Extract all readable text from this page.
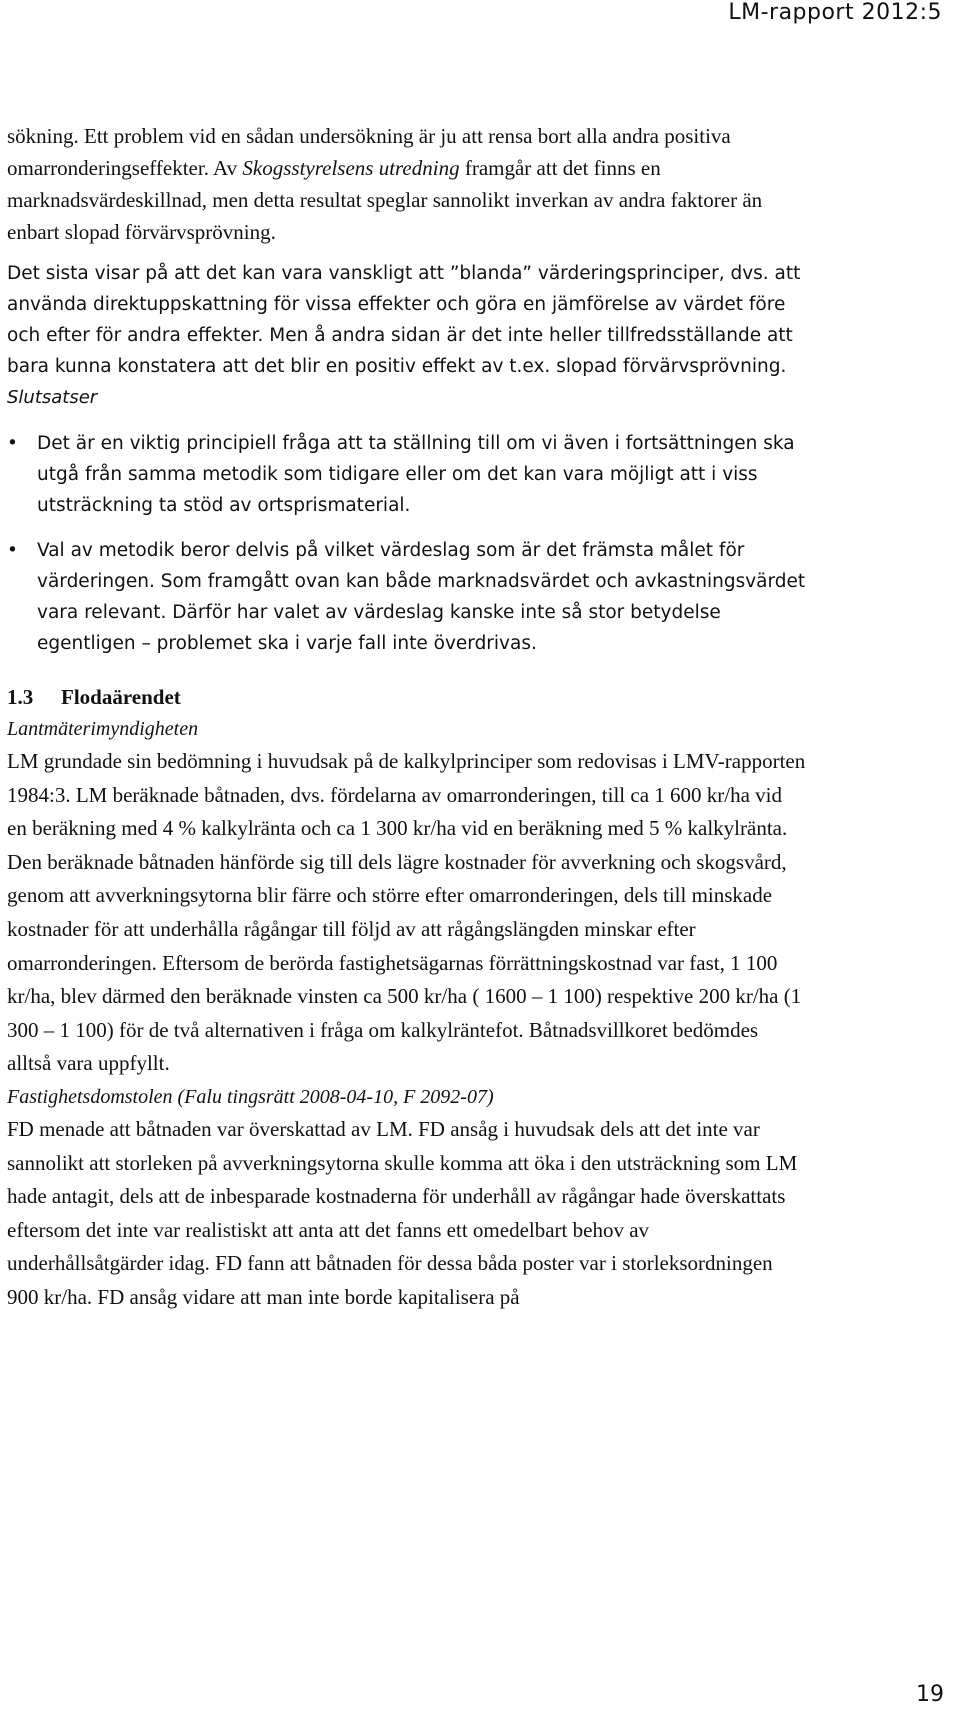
LM-rapport 2012:5

sökning. Ett problem vid en sådan undersökning är ju att rensa bort alla andra positiva omarronderingseffekter. Av Skogsstyrelsens utredning framgår att det finns en marknadsvärdeskillnad, men detta resultat speglar sannolikt inverkan av andra faktorer än enbart slopad förvärvsprövning.

Det sista visar på att det kan vara vanskligt att ”blanda” värderingsprinciper, dvs. att använda direktuppskattning för vissa effekter och göra en jämförelse av värdet före och efter för andra effekter. Men å andra sidan är det inte heller tillfredsställande att bara kunna konstatera att det blir en positiv effekt av t.ex. slopad förvärvsprövning.

Slutsatser

• Det är en viktig principiell fråga att ta ställning till om vi även i fortsättningen ska utgå från samma metodik som tidigare eller om det kan vara möjligt att i viss utsträckning ta stöd av ortsprismaterial.
• Val av metodik beror delvis på vilket värdeslag som är det främsta målet för värderingen. Som framgått ovan kan både marknadsvärdet och avkastningsvärdet vara relevant. Därför har valet av värdeslag kanske inte så stor betydelse egentligen – problemet ska i varje fall inte överdrivas.
1.3 Flodaärendet

Lantmäterimyndigheten

LM grundade sin bedömning i huvudsak på de kalkylprinciper som redovisas i LMV-rapporten 1984:3. LM beräknade båtnaden, dvs. fördelarna av omarronderingen, till ca 1 600 kr/ha vid en beräkning med 4 % kalkylränta och ca 1 300 kr/ha vid en beräkning med 5 % kalkylränta. Den beräknade båtnaden hänförde sig till dels lägre kostnader för avverkning och skogsvård, genom att avverkningsytorna blir färre och större efter omarronderingen, dels till minskade kostnader för att underhålla rågångar till följd av att rågångslängden minskar efter omarronderingen. Eftersom de berörda fastighetsägarnas förrättningskostnad var fast, 1 100 kr/ha, blev därmed den beräknade vinsten ca 500 kr/ha ( 1600 – 1 100) respektive 200 kr/ha (1 300 – 1 100) för de två alternativen i fråga om kalkylräntefot. Båtnadsvillkoret bedömdes alltså vara uppfyllt.

Fastighetsdomstolen (Falu tingsrätt 2008-04-10, F 2092-07)

FD menade att båtnaden var överskattad av LM. FD ansåg i huvudsak dels att det inte var sannolikt att storleken på avverkningsytorna skulle komma att öka i den utsträckning som LM hade antagit, dels att de inbesparade kostnaderna för underhåll av rågångar hade överskattats eftersom det inte var realistiskt att anta att det fanns ett omedelbart behov av underhållsåtgärder idag. FD fann att båtnaden för dessa båda poster var i storleksordningen 900 kr/ha. FD ansåg vidare att man inte borde kapitalisera på

19
